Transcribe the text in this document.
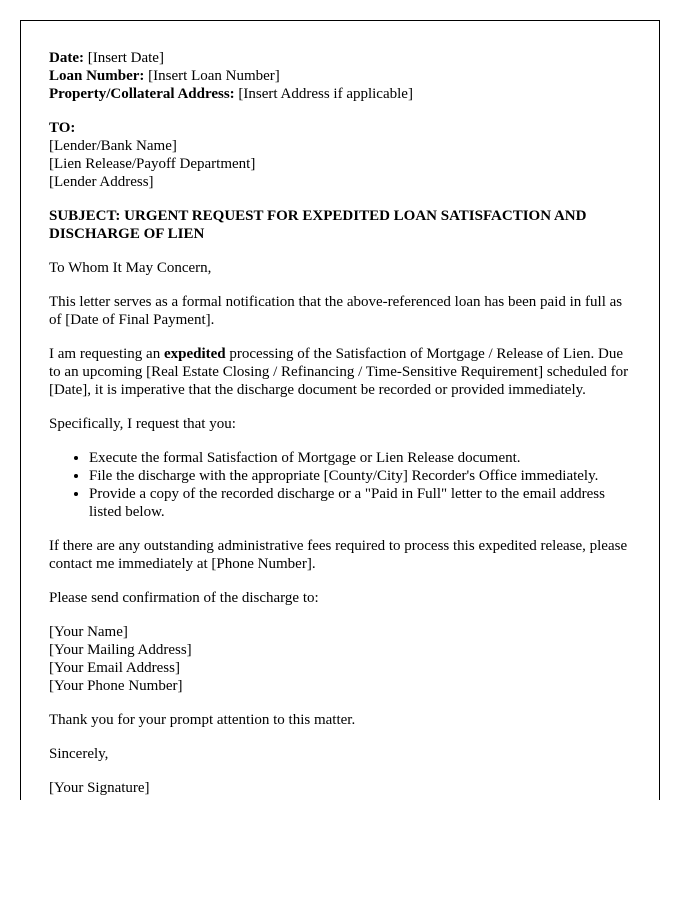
Date: [Insert Date]
Loan Number: [Insert Loan Number]
Property/Collateral Address: [Insert Address if applicable]
TO:
[Lender/Bank Name]
[Lien Release/Payoff Department]
[Lender Address]
SUBJECT: URGENT REQUEST FOR EXPEDITED LOAN SATISFACTION AND DISCHARGE OF LIEN

To Whom It May Concern,

This letter serves as a formal notification that the above-referenced loan has been paid in full as of [Date of Final Payment].

I am requesting an expedited processing of the Satisfaction of Mortgage / Release of Lien. Due to an upcoming [Real Estate Closing / Refinancing / Time-Sensitive Requirement] scheduled for [Date], it is imperative that the discharge document be recorded or provided immediately.

Specifically, I request that you:

• Execute the formal Satisfaction of Mortgage or Lien Release document.
• File the discharge with the appropriate [County/City] Recorder's Office immediately.
• Provide a copy of the recorded discharge or a "Paid in Full" letter to the email address listed below.

If there are any outstanding administrative fees required to process this expedited release, please contact me immediately at [Phone Number].

Please send confirmation of the discharge to:

[Your Name]
[Your Mailing Address]
[Your Email Address]
[Your Phone Number]

Thank you for your prompt attention to this matter.

Sincerely,

[Your Signature]
